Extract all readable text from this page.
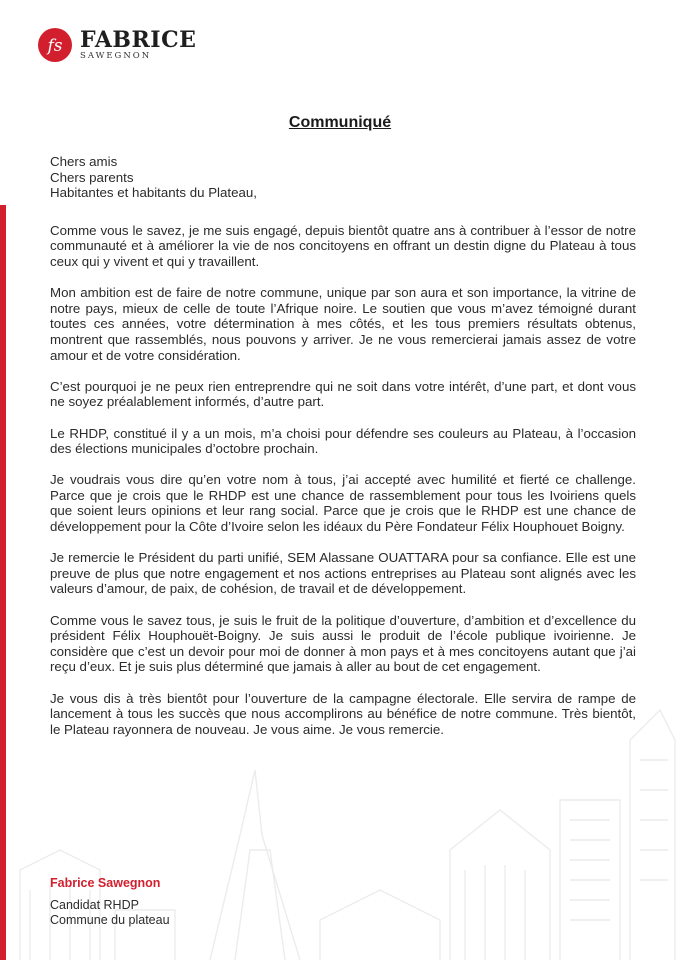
fs FABRICE
SAWEGNON
Communiqué
Chers amis
Chers parents
Habitantes et habitants du Plateau,

Comme vous le savez, je me suis engagé, depuis bientôt quatre ans à contribuer à l’essor de notre communauté et à améliorer la vie de nos concitoyens en offrant un destin digne du Plateau à tous ceux qui y vivent et qui y travaillent.

Mon ambition est de faire de notre commune, unique par son aura et son importance, la vitrine de notre pays, mieux de celle de toute l’Afrique noire. Le soutien que vous m’avez témoigné durant toutes ces années, votre détermination à mes côtés, et les tous premiers résultats obtenus, montrent que rassemblés, nous pouvons y arriver. Je ne vous remercierai jamais assez de votre amour et de votre considération.

C’est pourquoi je ne peux rien entreprendre qui ne soit dans votre intérêt, d’une part, et dont vous ne soyez préalablement informés, d’autre part.

Le RHDP, constitué il y a un mois, m’a choisi pour défendre ses couleurs au Plateau, à l’occasion des élections municipales d’octobre prochain.

Je voudrais vous dire qu’en votre nom à tous, j’ai accepté avec humilité et fierté ce challenge. Parce que je crois que le RHDP est une chance de rassemblement pour tous les Ivoiriens quels que soient leurs opinions et leur rang social. Parce que je crois que le RHDP est une chance de développement pour la Côte d’Ivoire selon les idéaux du Père Fondateur Félix Houphouet Boigny.

Je remercie le Président du parti unifié, SEM Alassane OUATTARA pour sa confiance. Elle est une preuve de plus que notre engagement et nos actions entreprises au Plateau sont alignés avec les valeurs d’amour, de paix, de cohésion, de travail et de développement.

Comme vous le savez tous, je suis le fruit de la politique d’ouverture, d’ambition et d’excellence du président Félix Houphouët-Boigny. Je suis aussi le produit de l’école publique ivoirienne. Je considère que c’est un devoir pour moi de donner à mon pays et à mes concitoyens autant que j’ai reçu d’eux. Et je suis plus déterminé que jamais à aller au bout de cet engagement.

Je vous dis à très bientôt pour l’ouverture de la campagne électorale. Elle servira de rampe de lancement à tous les succès que nous accomplirons au bénéfice de notre commune. Très bientôt, le Plateau rayonnera de nouveau. Je vous aime. Je vous remercie.

Fabrice Sawegnon
Candidat RHDP
Commune du plateau
